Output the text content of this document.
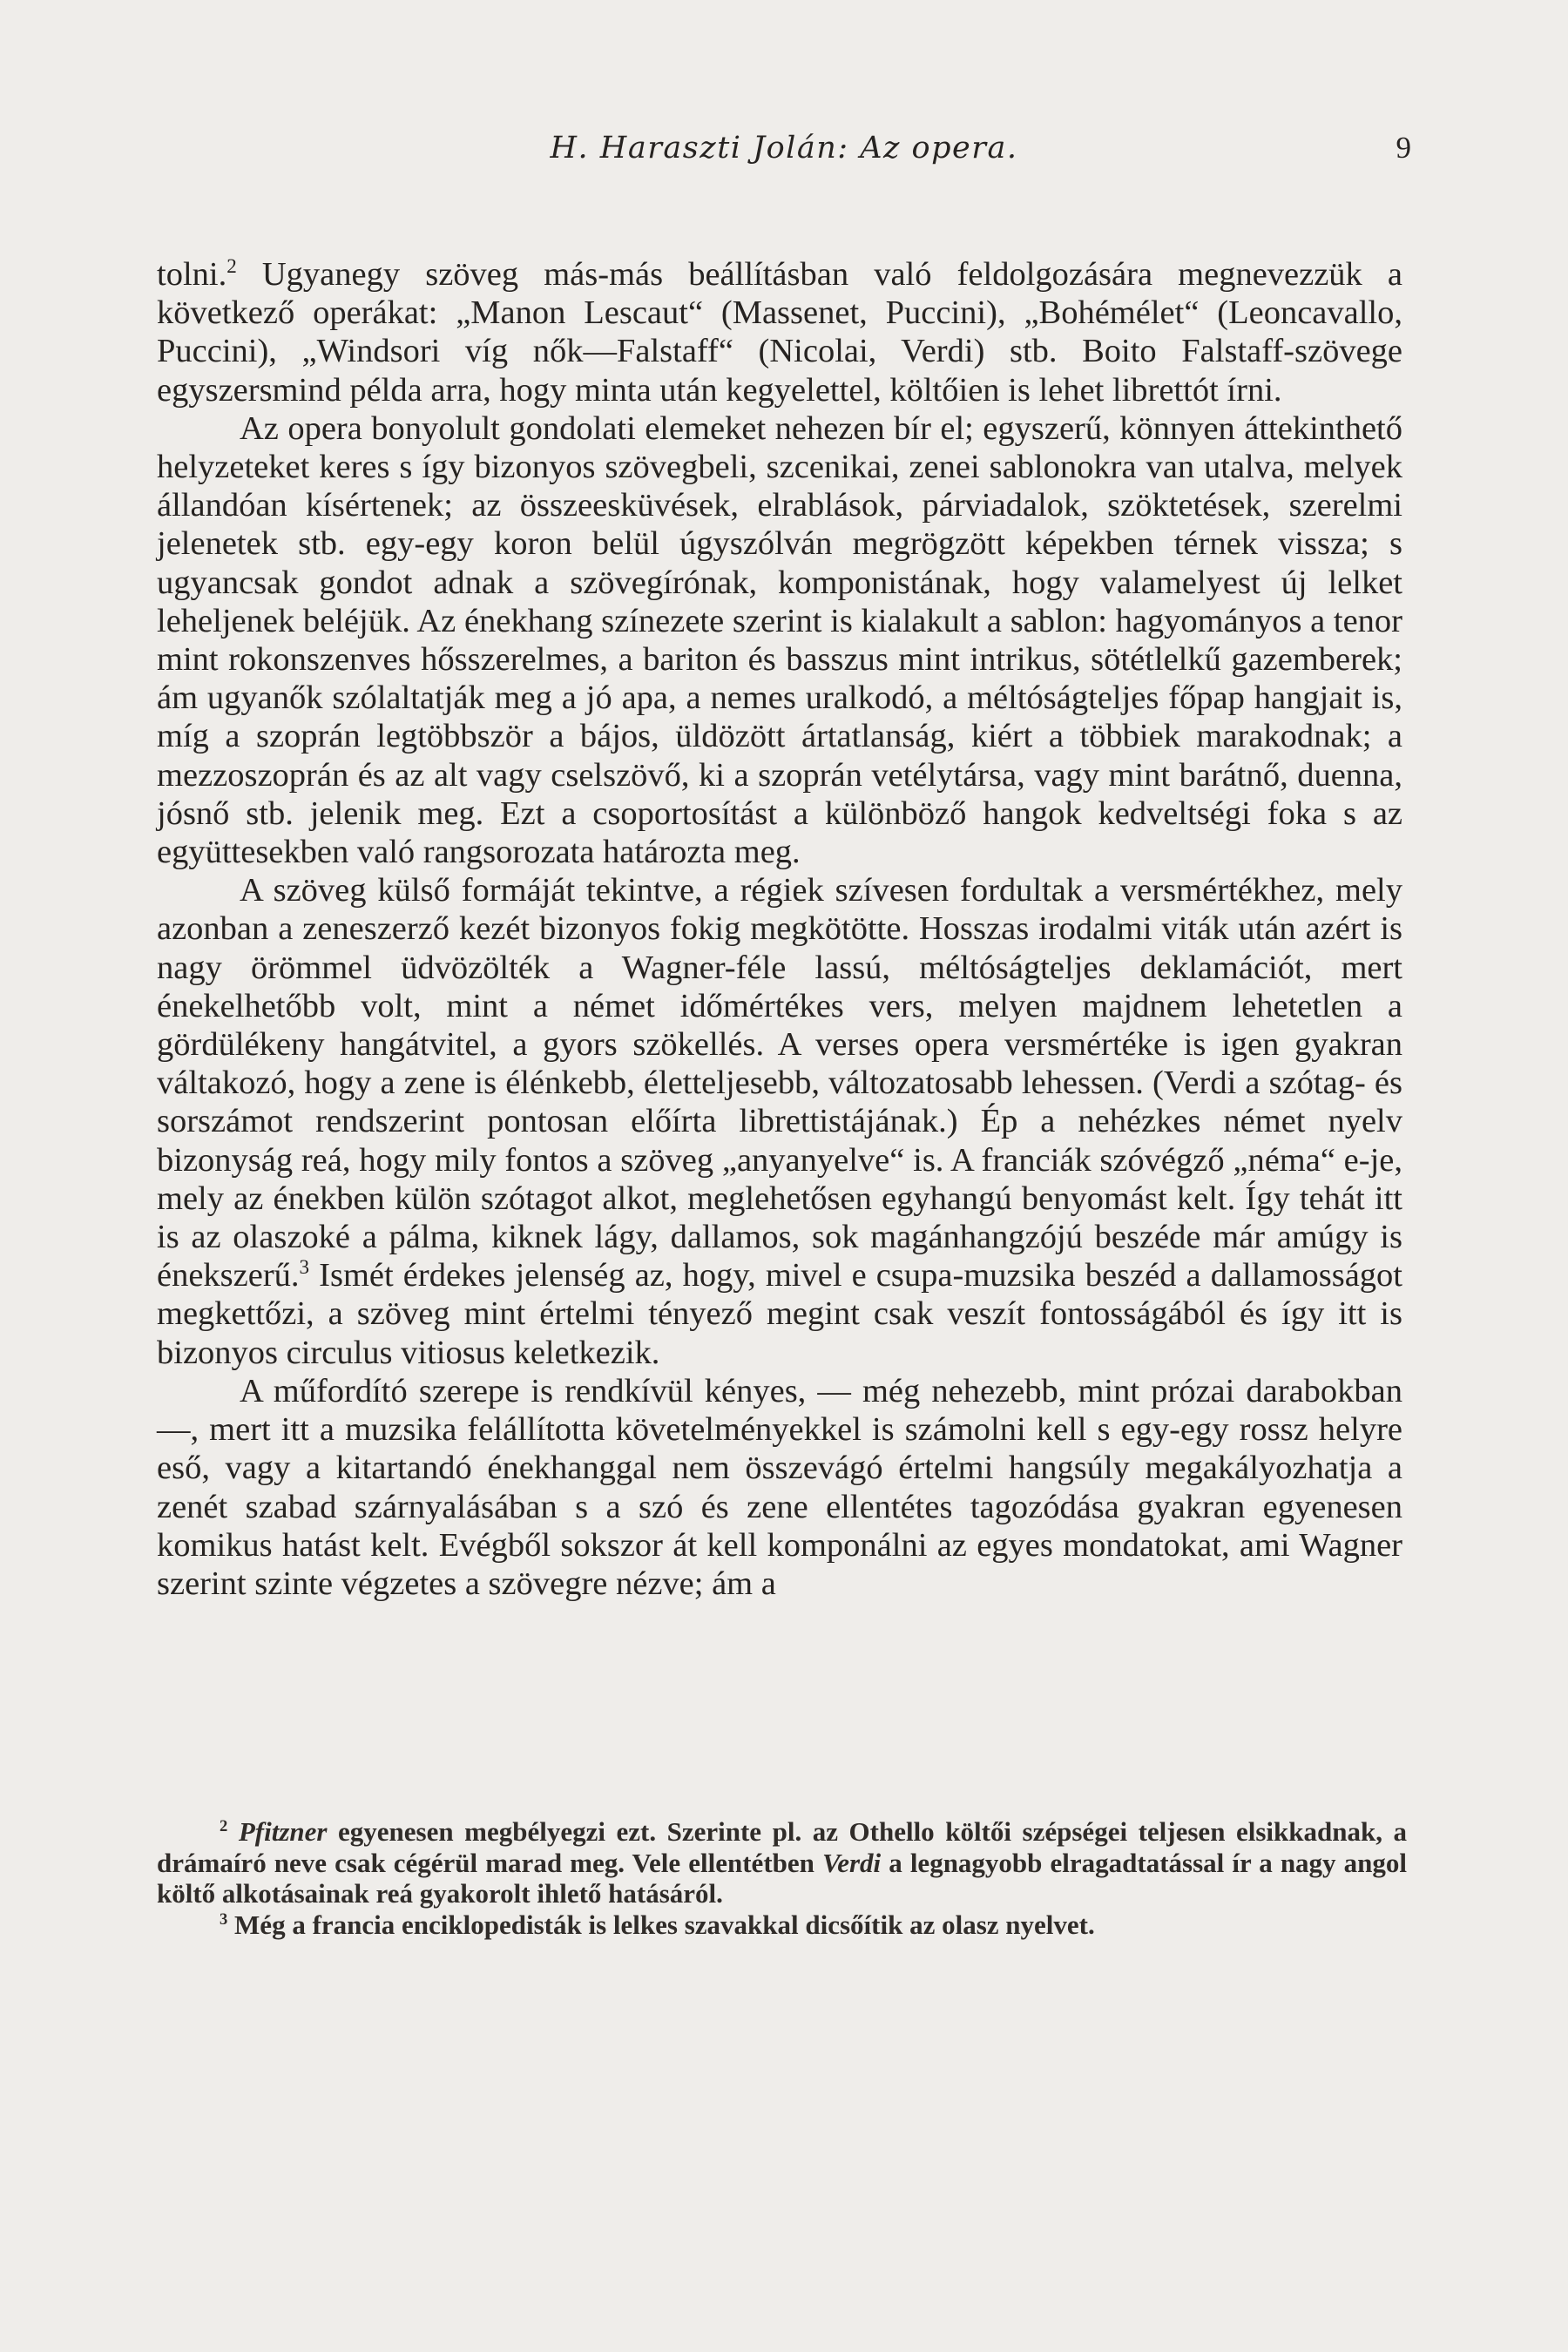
H. Haraszti Jolán: Az opera.	9

tolni.$^2$ Ugyanegy szöveg más-más beállításban való feldolgozására megnevezzük a következő operákat: „Manon Lescaut“ (Massenet, Puccini), „Bohémélet“ (Leoncavallo, Puccini), „Windsori víg nők—Falstaff“ (Nicolai, Verdi) stb. Boito Falstaff-szövege egyszersmind példa arra, hogy minta után kegyelettel, költőien is lehet librettót írni.

Az opera bonyolult gondolati elemeket nehezen bír el; egyszerű, könnyen áttekinthető helyzeteket keres s így bizonyos szövegbeli, szcenikai, zenei sablonokra van utalva, melyek állandóan kísértenek; az összeesküvések, elrablások, párviadalok, szöktetések, szerelmi jelenetek stb. egy-egy koron belül úgyszólván megrögzött képekben térnek vissza; s ugyancsak gondot adnak a szövegírónak, komponistának, hogy valamelyest új lelket leheljenek beléjük. Az énekhang színezete szerint is kialakult a sablon: hagyományos a tenor mint rokonszenves hősszerelmes, a bariton és basszus mint intrikus, sötétlelkű gazemberek; ám ugyanők szólaltatják meg a jó apa, a nemes uralkodó, a méltóságteljes főpap hangjait is, míg a szoprán legtöbbször a bájos, üldözött ártatlanság, kiért a többiek marakodnak; a mezzoszoprán és az alt vagy cselszövő, ki a szoprán vetélytársa, vagy mint barátnő, duenna, jósnő stb. jelenik meg. Ezt a csoportosítást a különböző hangok kedveltségi foka s az együttesekben való rangsorozata határozta meg.

A szöveg külső formáját tekintve, a régiek szívesen fordultak a versmértékhez, mely azonban a zeneszerző kezét bizonyos fokig megkötötte. Hosszas irodalmi viták után azért is nagy örömmel üdvözölték a Wagner-féle lassú, méltóságteljes deklamációt, mert énekelhetőbb volt, mint a német időmértékes vers, melyen majdnem lehetetlen a gördülékeny hangátvitel, a gyors szökellés. A verses opera versmértéke is igen gyakran váltakozó, hogy a zene is élénkebb, életteljesebb, változatosabb lehessen. (Verdi a szótag- és sorszámot rendszerint pontosan előírta librettistájának.) Ép a nehézkes német nyelv bizonyság reá, hogy mily fontos a szöveg „anyanyelve“ is. A franciák szóvégző „néma“ e-je, mely az énekben külön szótagot alkot, meglehetősen egyhangú benyomást kelt. Így tehát itt is az olaszoké a pálma, kiknek lágy, dallamos, sok magánhangzójú beszéde már amúgy is énekszerű.$^3$ Ismét érdekes jelenség az, hogy, mivel e csupa-muzsika beszéd a dallamosságot megkettőzi, a szöveg mint értelmi tényező megint csak veszít fontosságából és így itt is bizonyos circulus vitiosus keletkezik.

A műfordító szerepe is rendkívül kényes, — még nehezebb, mint prózai darabokban —, mert itt a muzsika felállította követelményekkel is számolni kell s egy-egy rossz helyre eső, vagy a kitartandó énekhanggal nem összevágó értelmi hangsúly megakályozhatja a zenét szabad szárnyalásában s a szó és zene ellentétes tagozódása gyakran egyenesen komikus hatást kelt. Evégből sokszor át kell komponálni az egyes mondatokat, ami Wagner szerint szinte végzetes a szövegre nézve; ám a

$^2$ Pfitzner egyenesen megbélyegzi ezt. Szerinte pl. az Othello költői szépségei teljesen elsikkadnak, a drámaíró neve csak cégérül marad meg. Vele ellentétben Verdi a legnagyobb elragadtatással ír a nagy angol költő alkotásainak reá gyakorolt ihlető hatásáról.

$^3$ Még a francia enciklopedisták is lelkes szavakkal dicsőítik az olasz nyelvet.
